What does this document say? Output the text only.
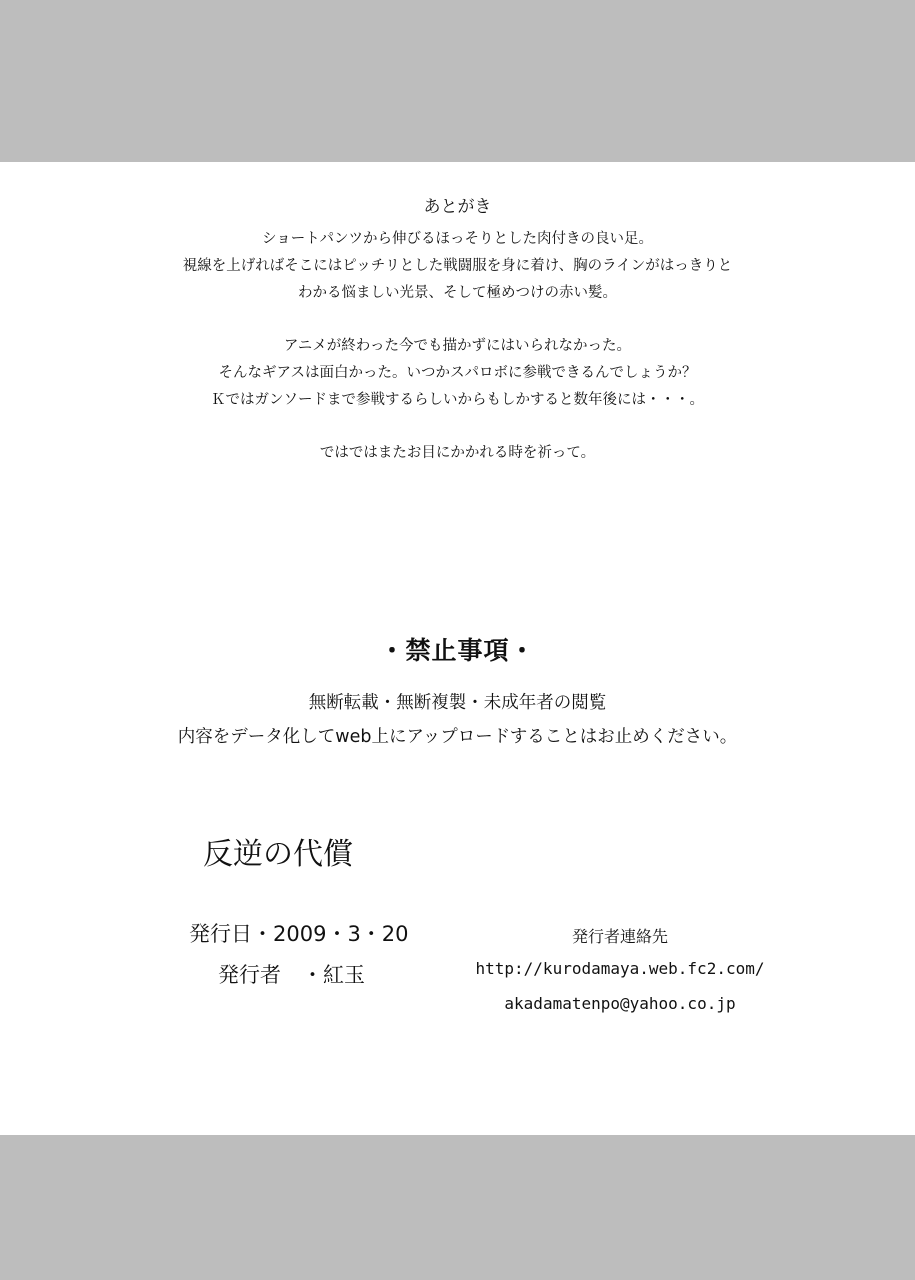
あとがき
ショートパンツから伸びるほっそりとした肉付きの良い足。
視線を上げればそこにはピッチリとした戦闘服を身に着け、胸のラインがはっきりと
わかる悩ましい光景、そして極めつけの赤い髪。
アニメが終わった今でも描かずにはいられなかった。
そんなギアスは面白かった。いつかスパロボに参戦できるんでしょうか？
Ｋではガンソードまで参戦するらしいからもしかすると数年後には・・・。
ではではまたお目にかかれる時を祈って。
・禁止事項・
無断転載・無断複製・未成年者の閲覧
内容をデータ化してweb上にアップロードすることはお止めください。
反逆の代償
発行日・2009・3・20
発行者　・紅玉
発行者連絡先
http://kurodamaya.web.fc2.com/
akadamatenpo@yahoo.co.jp
